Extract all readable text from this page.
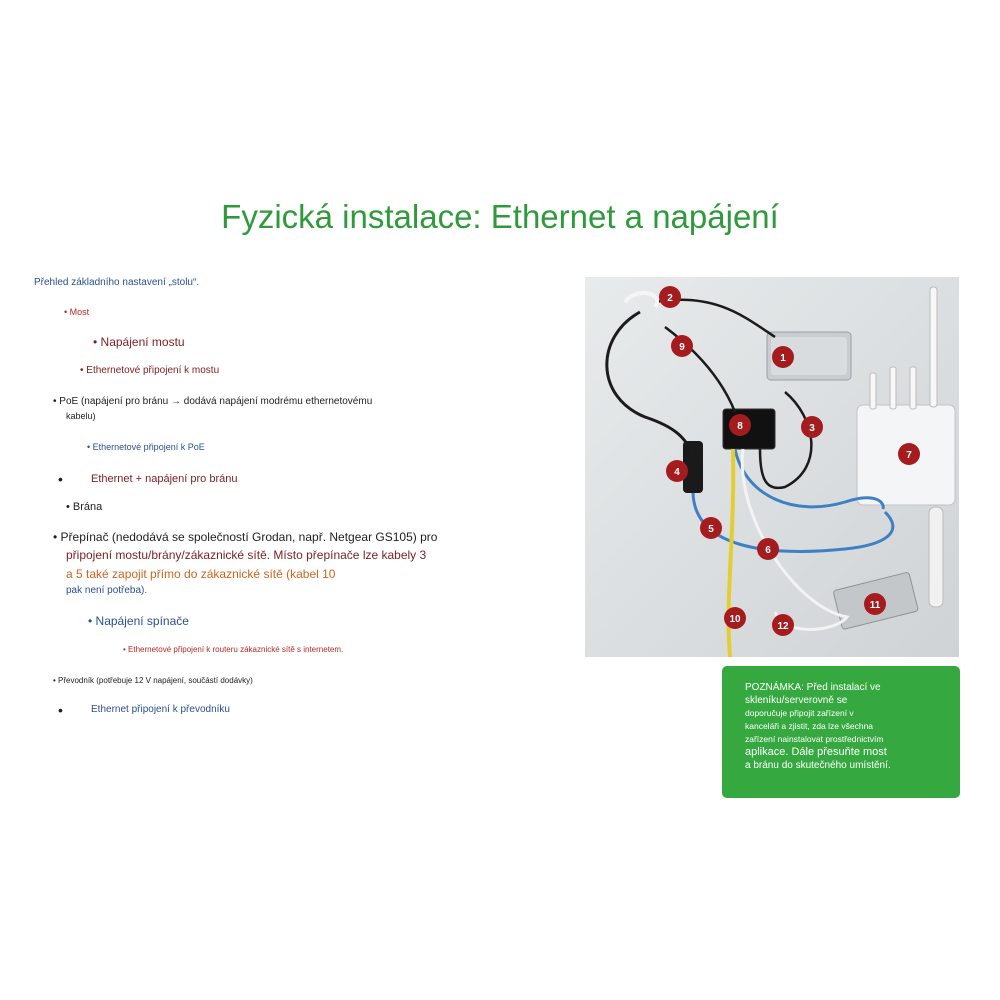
Fyzická instalace: Ethernet a napájení
Přehled základního nastavení „stolu“.
• Most
• Napájení mostu
• Ethernetové připojení k mostu
• PoE (napájení pro bránu → dodává napájení modrému ethernetovému
kabelu)
• Ethernetové připojení k PoE
•	Ethernet + napájení pro bránu
• Brána
• Přepínač (nedodává se společností Grodan, např. Netgear GS105) pro
připojení mostu/brány/zákaznické sítě. Místo přepínače lze kabely 3
a 5 také zapojit přímo do zákaznické sítě (kabel 10
pak není potřeba).
• Napájení spínače
• Ethernetové připojení k routeru zákaznické sítě s internetem.
• Převodník (potřebuje 12 V napájení, součástí dodávky)
•	Ethernet připojení k převodníku
1
2
3
4
5
6
7
8
9
10
11
12
POZNÁMKA: Před instalací ve
skleníku/serverovně se
doporučuje připojit zařízení v
kanceláři a zjistit, zda lze všechna
zařízení nainstalovat prostřednictvím
aplikace. Dále přesuňte most
a bránu do skutečného umístění.
